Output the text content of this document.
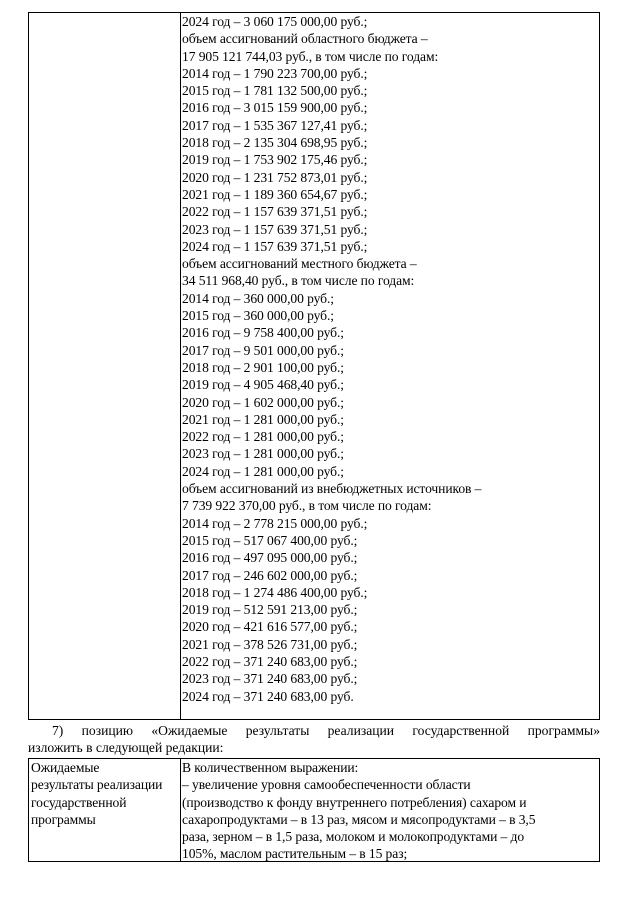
2024 год – 3 060 175 000,00 руб.;
объем ассигнований областного бюджета –
17 905 121 744,03 руб., в том числе по годам:
2014 год – 1 790 223 700,00 руб.;
2015 год – 1 781 132 500,00 руб.;
2016 год – 3 015 159 900,00 руб.;
2017 год – 1 535 367 127,41 руб.;
2018 год – 2 135 304 698,95 руб.;
2019 год – 1 753 902 175,46 руб.;
2020 год – 1 231 752 873,01 руб.;
2021 год – 1 189 360 654,67 руб.;
2022 год – 1 157 639 371,51 руб.;
2023 год – 1 157 639 371,51 руб.;
2024 год – 1 157 639 371,51 руб.;
объем ассигнований местного бюджета –
34 511 968,40 руб., в том числе по годам:
2014 год – 360 000,00 руб.;
2015 год – 360 000,00 руб.;
2016 год – 9 758 400,00 руб.;
2017 год – 9 501 000,00 руб.;
2018 год – 2 901 100,00 руб.;
2019 год – 4 905 468,40 руб.;
2020 год – 1 602 000,00 руб.;
2021 год – 1 281 000,00 руб.;
2022 год – 1 281 000,00 руб.;
2023 год – 1 281 000,00 руб.;
2024 год – 1 281 000,00 руб.;
объем ассигнований из внебюджетных источников –
7 739 922 370,00 руб., в том числе по годам:
2014 год – 2 778 215 000,00 руб.;
2015 год – 517 067 400,00 руб.;
2016 год – 497 095 000,00 руб.;
2017 год – 246 602 000,00 руб.;
2018 год – 1 274 486 400,00 руб.;
2019 год – 512 591 213,00 руб.;
2020 год – 421 616 577,00 руб.;
2021 год – 378 526 731,00 руб.;
2022 год – 371 240 683,00 руб.;
2023 год – 371 240 683,00 руб.;
2024 год – 371 240 683,00 руб.
7) позицию «Ожидаемые результаты реализации государственной программы»
изложить в следующей редакции:
Ожидаемые
результаты реализации
государственной
программы
В количественном выражении:
– увеличение уровня самообеспеченности области
(производство к фонду внутреннего потребления) сахаром и
сахаропродуктами – в 13 раз, мясом и мясопродуктами – в 3,5
раза, зерном – в 1,5 раза, молоком и молокопродуктами – до
105%, маслом растительным – в 15 раз;
